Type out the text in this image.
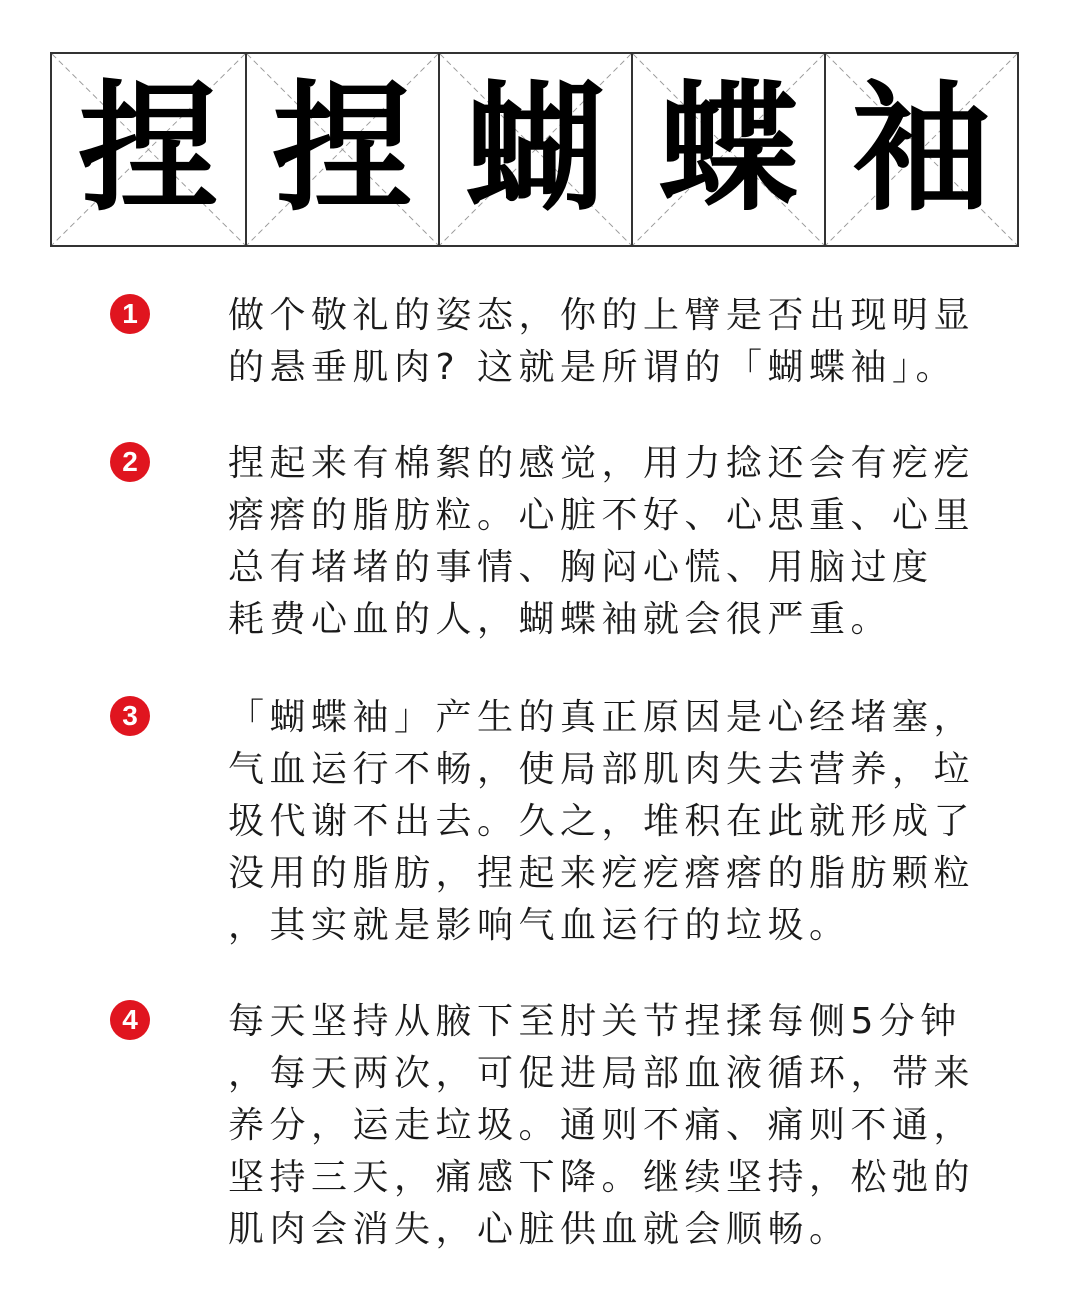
捏 捏 蝴 蝶 袖
1	做个敬礼的姿态，你的上臂是否出现明显
的悬垂肌肉? 这就是所谓的「蝴蝶袖」。
2	捏起来有棉絮的感觉，用力捻还会有疙疙
瘩瘩的脂肪粒。心脏不好、心思重、心里
总有堵堵的事情、胸闷心慌、用脑过度
耗费心血的人，蝴蝶袖就会很严重。
3	「蝴蝶袖」产生的真正原因是心经堵塞，
气血运行不畅，使局部肌肉失去营养，垃
圾代谢不出去。久之，堆积在此就形成了
没用的脂肪，捏起来疙疙瘩瘩的脂肪颗粒
，其实就是影响气血运行的垃圾。
4	每天坚持从腋下至肘关节捏揉每侧5分钟
，每天两次，可促进局部血液循环，带来
养分，运走垃圾。通则不痛、痛则不通，
坚持三天，痛感下降。继续坚持，松弛的
肌肉会消失，心脏供血就会顺畅。
